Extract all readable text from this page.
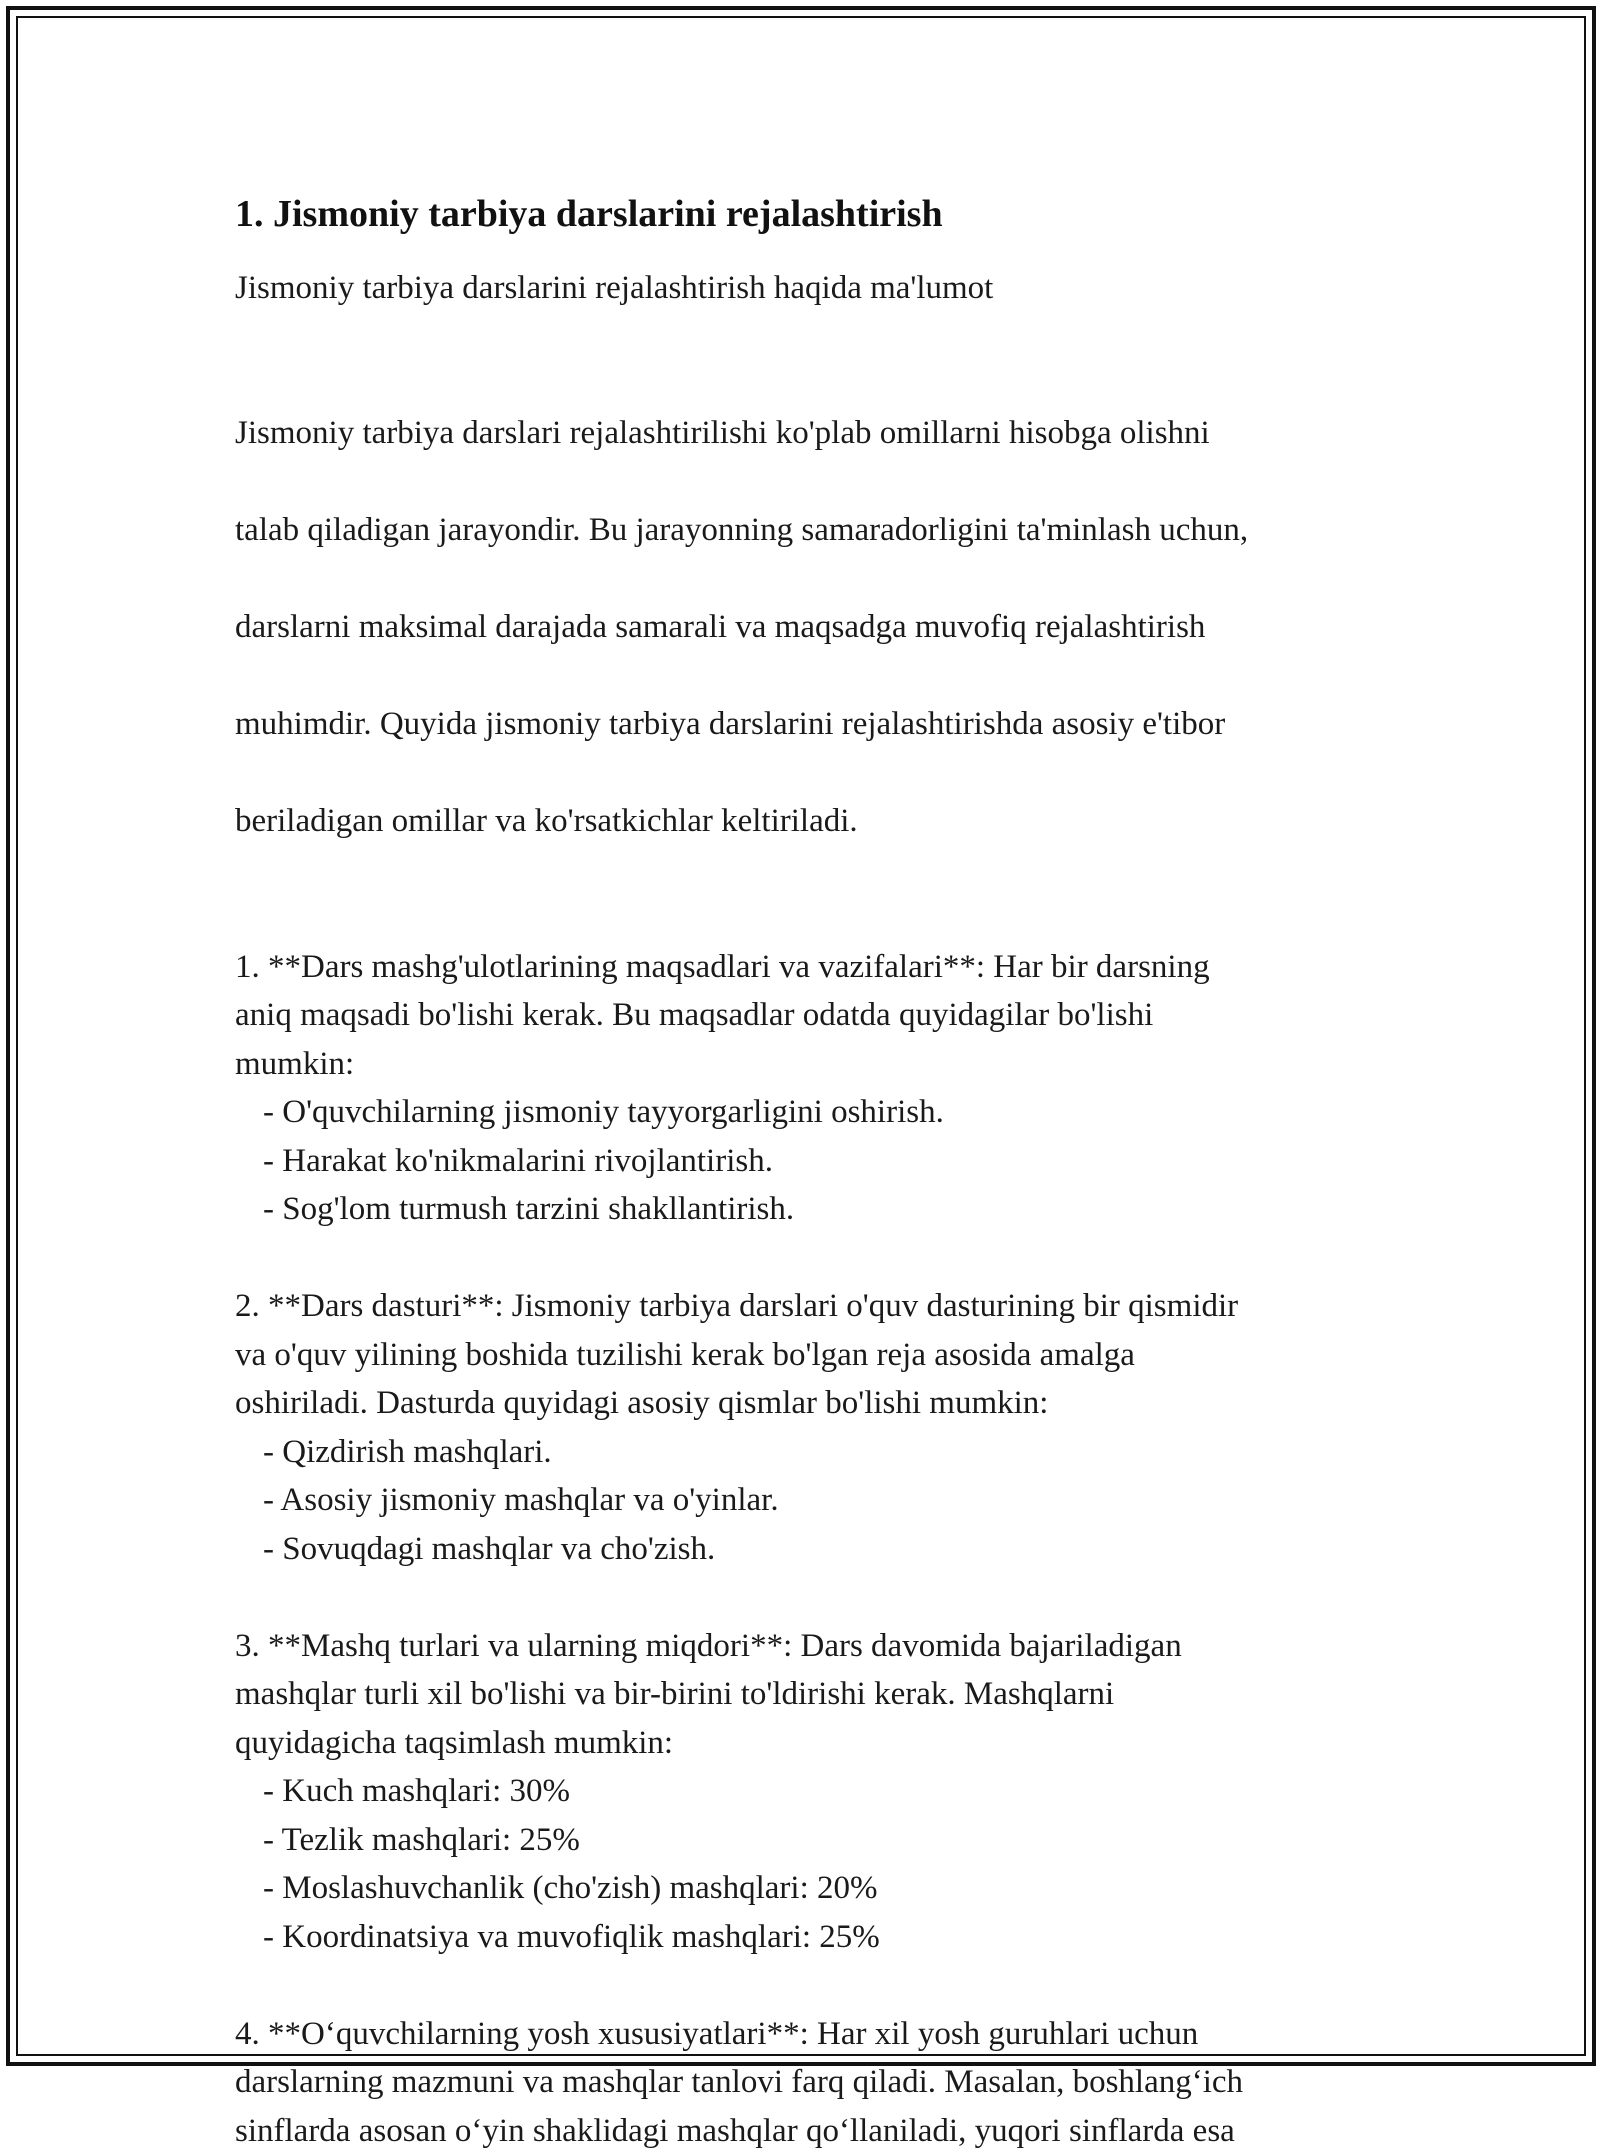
1. Jismoniy tarbiya darslarini rejalashtirish

Jismoniy tarbiya darslarini rejalashtirish haqida ma'lumot

Jismoniy tarbiya darslari rejalashtirilishi ko'plab omillarni hisobga olishni

talab qiladigan jarayondir. Bu jarayonning samaradorligini ta'minlash uchun,

darslarni maksimal darajada samarali va maqsadga muvofiq rejalashtirish

muhimdir. Quyida jismoniy tarbiya darslarini rejalashtirishda asosiy e'tibor

beriladigan omillar va ko'rsatkichlar keltiriladi.

1. **Dars mashg'ulotlarining maqsadlari va vazifalari**: Har bir darsning
aniq maqsadi bo'lishi kerak. Bu maqsadlar odatda quyidagilar bo'lishi
mumkin:
- O'quvchilarning jismoniy tayyorgarligini oshirish.
- Harakat ko'nikmalarini rivojlantirish.
- Sog'lom turmush tarzini shakllantirish.
2. **Dars dasturi**: Jismoniy tarbiya darslari o'quv dasturining bir qismidir
va o'quv yilining boshida tuzilishi kerak bo'lgan reja asosida amalga
oshiriladi. Dasturda quyidagi asosiy qismlar bo'lishi mumkin:
- Qizdirish mashqlari.
- Asosiy jismoniy mashqlar va o'yinlar.
- Sovuqdagi mashqlar va cho'zish.
3. **Mashq turlari va ularning miqdori**: Dars davomida bajariladigan
mashqlar turli xil bo'lishi va bir-birini to'ldirishi kerak. Mashqlarni
quyidagicha taqsimlash mumkin:
- Kuch mashqlari: 30%
- Tezlik mashqlari: 25%
- Moslashuvchanlik (cho'zish) mashqlari: 20%
- Koordinatsiya va muvofiqlik mashqlari: 25%
4. **O‘quvchilarning yosh xususiyatlari**: Har xil yosh guruhlari uchun
darslarning mazmuni va mashqlar tanlovi farq qiladi. Masalan, boshlang‘ich
sinflarda asosan o‘yin shaklidagi mashqlar qo‘llaniladi, yuqori sinflarda esa
